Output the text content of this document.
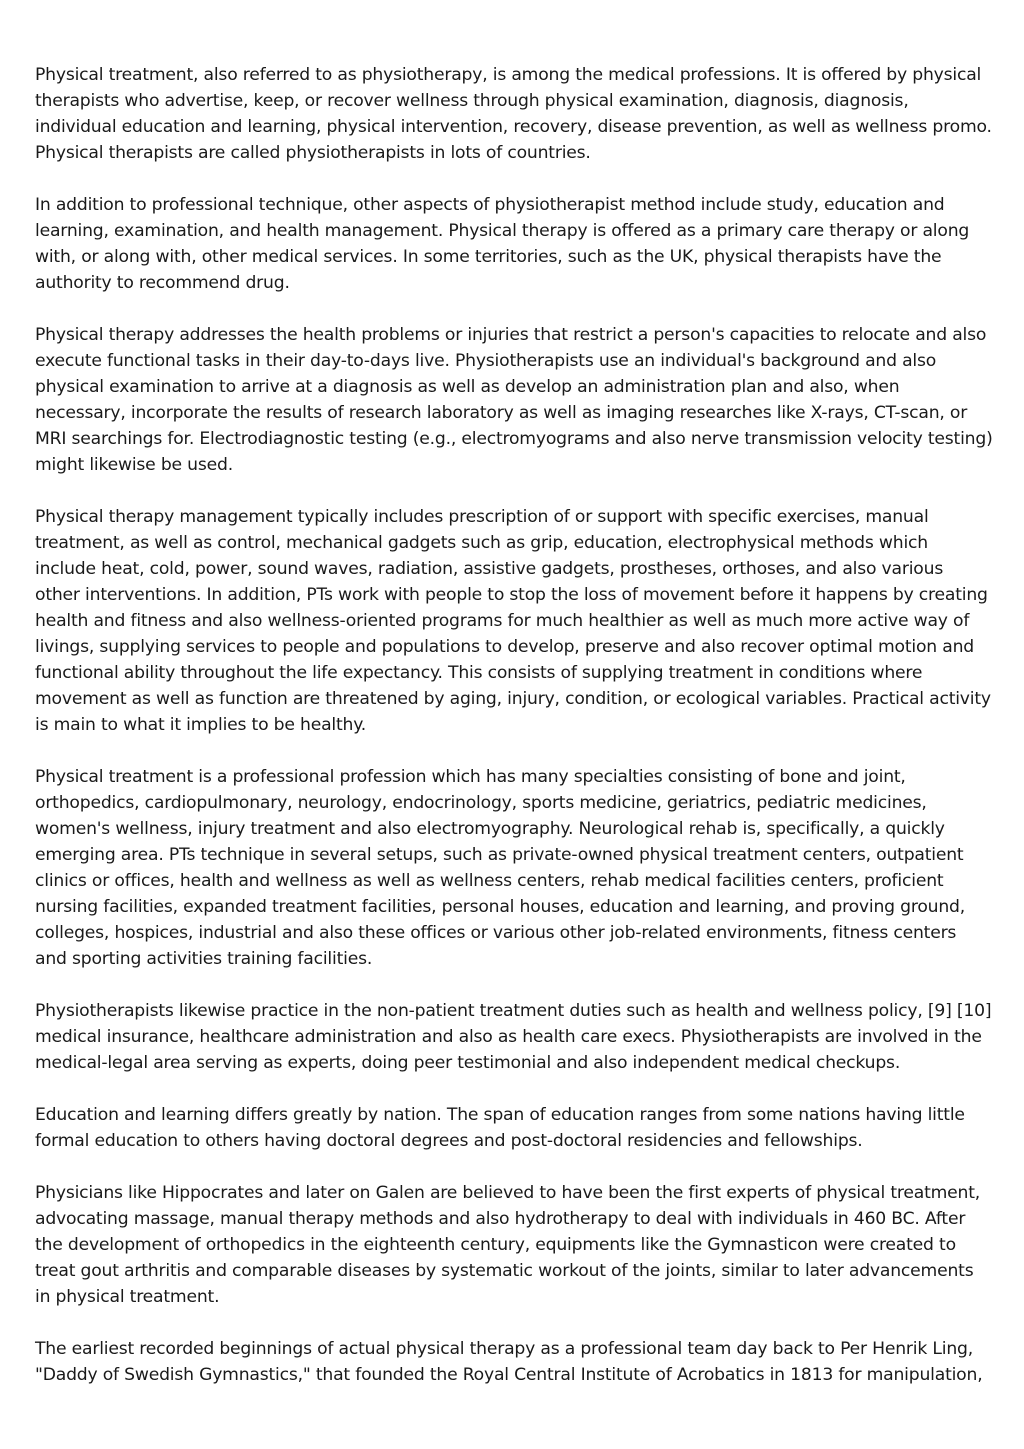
Physical treatment, also referred to as physiotherapy, is among the medical professions. It is offered by physical therapists who advertise, keep, or recover wellness through physical examination, diagnosis, diagnosis, individual education and learning, physical intervention, recovery, disease prevention, as well as wellness promo. Physical therapists are called physiotherapists in lots of countries.

In addition to professional technique, other aspects of physiotherapist method include study, education and learning, examination, and health management. Physical therapy is offered as a primary care therapy or along with, or along with, other medical services. In some territories, such as the UK, physical therapists have the authority to recommend drug.

Physical therapy addresses the health problems or injuries that restrict a person's capacities to relocate and also execute functional tasks in their day-to-days live. Physiotherapists use an individual's background and also physical examination to arrive at a diagnosis as well as develop an administration plan and also, when necessary, incorporate the results of research laboratory as well as imaging researches like X-rays, CT-scan, or MRI searchings for. Electrodiagnostic testing (e.g., electromyograms and also nerve transmission velocity testing) might likewise be used.

Physical therapy management typically includes prescription of or support with specific exercises, manual treatment, as well as control, mechanical gadgets such as grip, education, electrophysical methods which include heat, cold, power, sound waves, radiation, assistive gadgets, prostheses, orthoses, and also various other interventions. In addition, PTs work with people to stop the loss of movement before it happens by creating health and fitness and also wellness-oriented programs for much healthier as well as much more active way of livings, supplying services to people and populations to develop, preserve and also recover optimal motion and functional ability throughout the life expectancy. This consists of supplying treatment in conditions where movement as well as function are threatened by aging, injury, condition, or ecological variables. Practical activity is main to what it implies to be healthy.

Physical treatment is a professional profession which has many specialties consisting of bone and joint, orthopedics, cardiopulmonary, neurology, endocrinology, sports medicine, geriatrics, pediatric medicines, women's wellness, injury treatment and also electromyography. Neurological rehab is, specifically, a quickly emerging area. PTs technique in several setups, such as private-owned physical treatment centers, outpatient clinics or offices, health and wellness as well as wellness centers, rehab medical facilities centers, proficient nursing facilities, expanded treatment facilities, personal houses, education and learning, and proving ground, colleges, hospices, industrial and also these offices or various other job-related environments, fitness centers and sporting activities training facilities.

Physiotherapists likewise practice in the non-patient treatment duties such as health and wellness policy, [9] [10] medical insurance, healthcare administration and also as health care execs. Physiotherapists are involved in the medical-legal area serving as experts, doing peer testimonial and also independent medical checkups.

Education and learning differs greatly by nation. The span of education ranges from some nations having little formal education to others having doctoral degrees and post-doctoral residencies and fellowships.

Physicians like Hippocrates and later on Galen are believed to have been the first experts of physical treatment, advocating massage, manual therapy methods and also hydrotherapy to deal with individuals in 460 BC. After the development of orthopedics in the eighteenth century, equipments like the Gymnasticon were created to treat gout arthritis and comparable diseases by systematic workout of the joints, similar to later advancements in physical treatment.

The earliest recorded beginnings of actual physical therapy as a professional team day back to Per Henrik Ling, "Daddy of Swedish Gymnastics," that founded the Royal Central Institute of Acrobatics in 1813 for manipulation,
